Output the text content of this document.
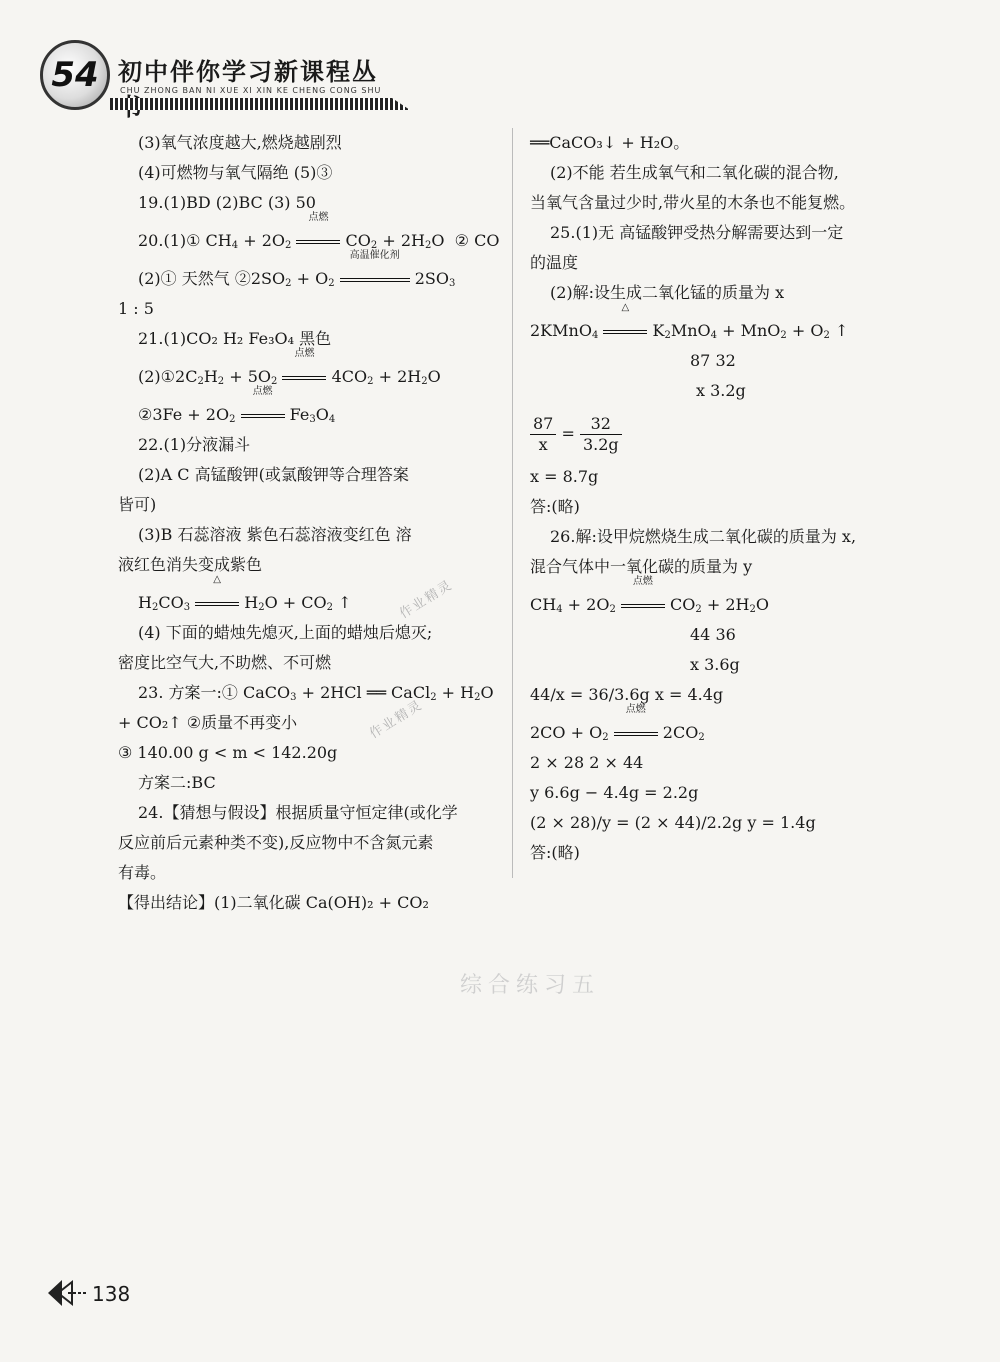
54 初中伴你学习新课程丛
CHU ZHONG BAN NI XUE XI XIN KE CHENG CONG SHU
综合练习五
作业精灵
作业精灵

(3)氧气浓度越大,燃烧越剧烈

(4)可燃物与氧气隔绝 (5)③

19.(1)BD (2)BC (3) 50

20.(1)① $CH_4 + 2O_2$
点燃
$CO_2 + 2H_2O$  ② CO

(2)① 天然气 $②2SO_2 + O_2$
高温催化剂
$2SO_3$

1 : 5

21.(1)CO₂ H₂ Fe₃O₄ 黑色

$(2)①2C_2H_2 + 5O_2$
点燃
$4CO_2 + 2H_2O$

②3Fe + $2O_2$
点燃
$Fe_3O_4$

22.(1)分液漏斗

(2)A C 高锰酸钾(或氯酸钾等合理答案

皆可)

(3)B 石蕊溶液 紫色石蕊溶液变红色 溶

液红色消失变成紫色

$H_2CO_3$
△
$H_2O + CO_2$ ↑

(4) 下面的蜡烛先熄灭,上面的蜡烛后熄灭;

密度比空气大,不助燃、不可燃

23. 方案一:① CaCO$_3$ + 2HCl ══ CaCl$_2$ + $H_2O$

+ CO₂↑ ②质量不再变小

③ 140.00 g < m < 142.20g

方案二:BC

24.【猜想与假设】根据质量守恒定律(或化学

反应前后元素种类不变),反应物中不含氮元素

有毒。

【得出结论】(1)二氧化碳 Ca(OH)₂ + CO₂

══CaCO₃↓ + H₂O。

(2)不能 若生成氧气和二氧化碳的混合物,

当氧气含量过少时,带火星的木条也不能复燃。

25.(1)无 高锰酸钾受热分解需要达到一定

的温度

(2)解:设生成二氧化锰的质量为 x

2KMnO$_4$
△
$K_2MnO_4 + MnO_2 + O_2$ ↑

87 32

x 3.2g

$\frac{87}{x} = \frac{32}{3.2g}$

x = 8.7g

答:(略)

26.解:设甲烷燃烧生成二氧化碳的质量为 x,

混合气体中一氧化碳的质量为 y

$CH_4 + 2O_2$
点燃
$CO_2 + 2H_2O$

44 36

x 3.6g

44/x = 36/3.6g x = 4.4g

$2CO + O_2$
点燃
$2CO_2$

2 × 28 2 × 44

y 6.6g − 4.4g = 2.2g

(2 × 28)/y = (2 × 44)/2.2g y = 1.4g

答:(略)

138
